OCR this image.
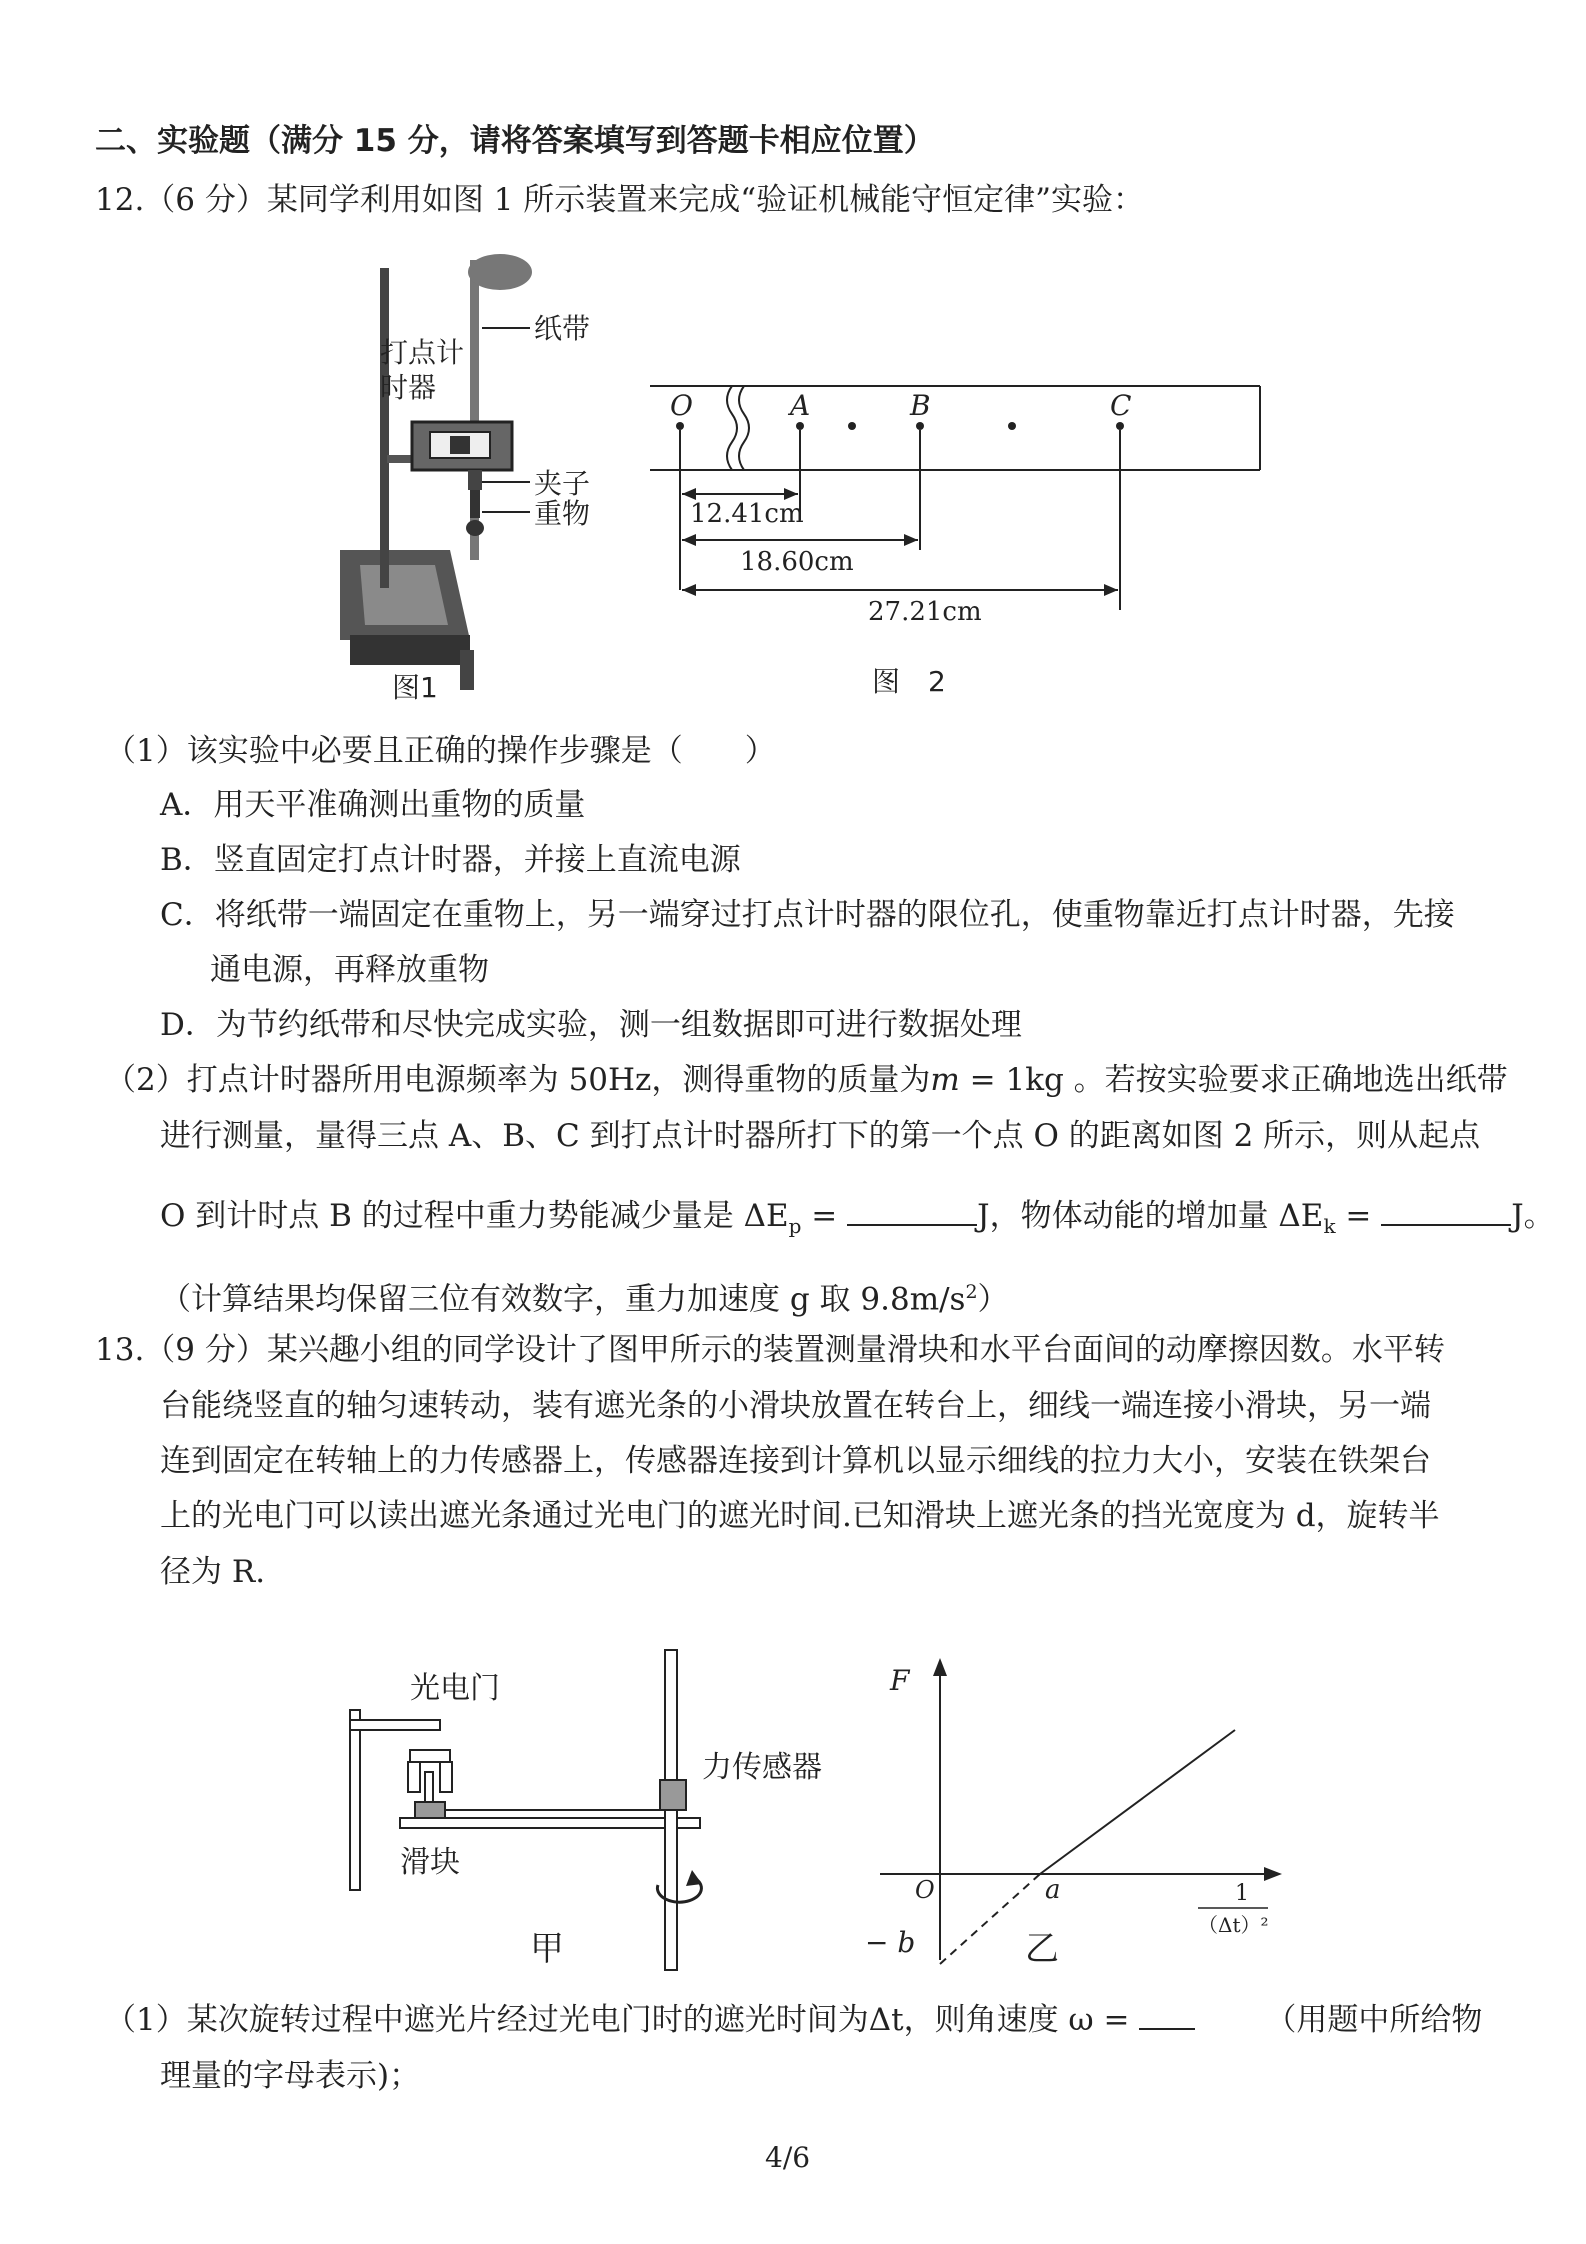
二、实验题（满分 15 分，请将答案填写到答题卡相应位置）
12.（6 分）某同学利用如图 1 所示装置来完成“验证机械能守恒定律”实验：
打点计
时器
纸带
夹子
重物
图1
O	A	B	C
12.41cm
18.60cm
27.21cm
图　2
（1）该实验中必要且正确的操作步骤是（　　）
A．用天平准确测出重物的质量
B．竖直固定打点计时器，并接上直流电源
C．将纸带一端固定在重物上，另一端穿过打点计时器的限位孔，使重物靠近打点计时器，先接
通电源，再释放重物
D．为节约纸带和尽快完成实验，测一组数据即可进行数据处理
（2）打点计时器所用电源频率为 50Hz，测得重物的质量为m = 1kg 。若按实验要求正确地选出纸带
进行测量，量得三点 A、B、C 到打点计时器所打下的第一个点 O 的距离如图 2 所示，则从起点
O 到计时点 B 的过程中重力势能减少量是 $\Delta E_p$ =	J，物体动能的增加量 $\Delta E_k$ =	J。
（计算结果均保留三位有效数字，重力加速度 g 取 $9.8m/s^2$）
13.（9 分）某兴趣小组的同学设计了图甲所示的装置测量滑块和水平台面间的动摩擦因数。水平转
台能绕竖直的轴匀速转动，装有遮光条的小滑块放置在转台上，细线一端连接小滑块，另一端
连到固定在转轴上的力传感器上，传感器连接到计算机以显示细线的拉力大小，安装在铁架台
上的光电门可以读出遮光条通过光电门的遮光时间.已知滑块上遮光条的挡光宽度为 d，旋转半
径为 R.
光电门
力传感器
滑块
甲
F
O	a
− b
1
（Δt）²
乙
（1）某次旋转过程中遮光片经过光电门时的遮光时间为Δt，则角速度 ω =	（用题中所给物
理量的字母表示)；
4/6
